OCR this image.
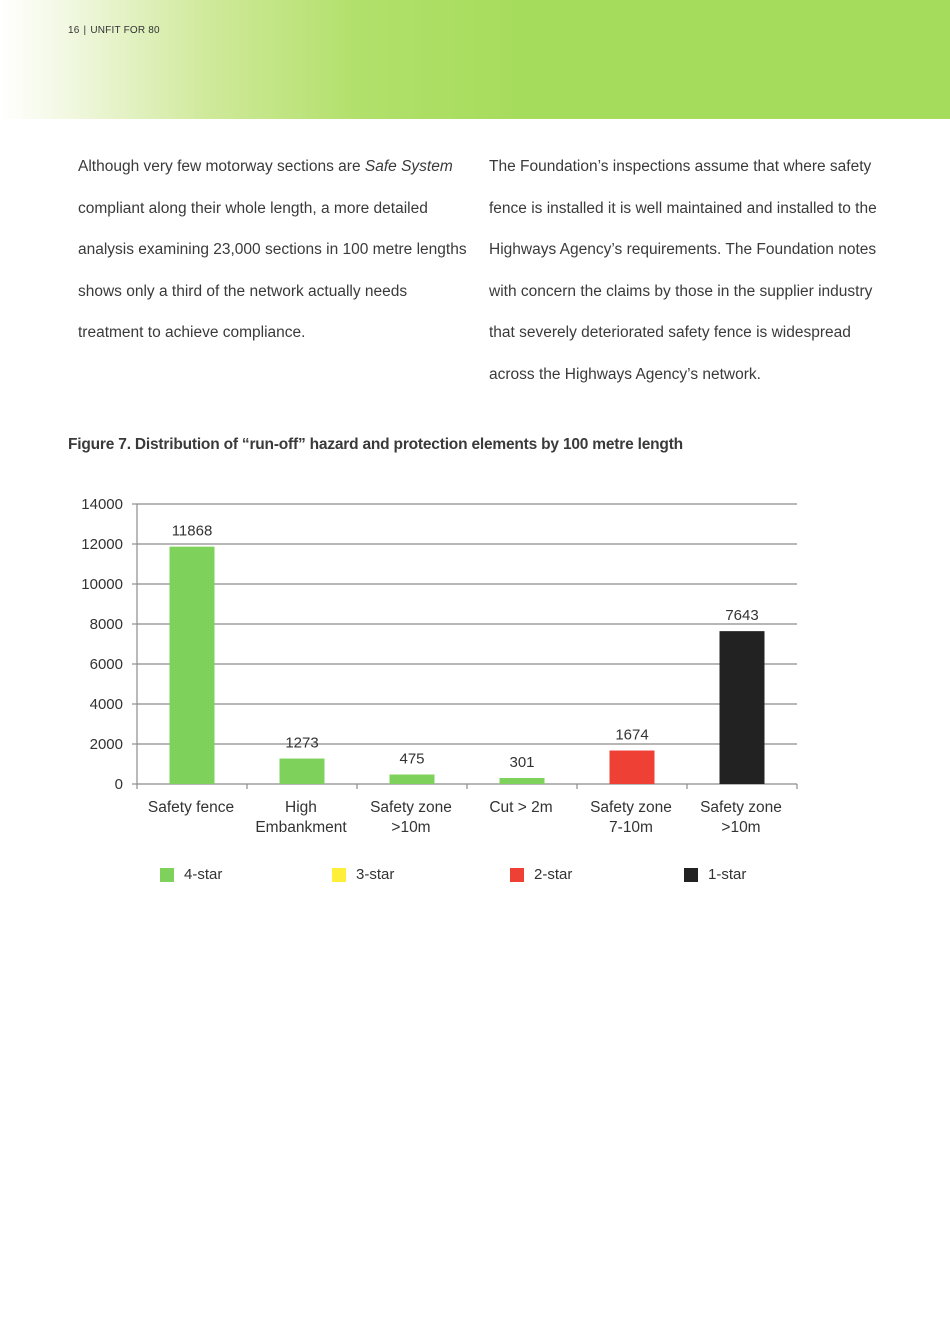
16 | UNFIT FOR 80

Although very few motorway sections are Safe System compliant along their whole length, a more detailed analysis examining 23,000 sections in 100 metre lengths shows only a third of the network actually needs treatment to achieve compliance.

The Foundation’s inspections assume that where safety fence is installed it is well maintained and installed to the Highways Agency’s requirements. The Foundation notes with concern the claims by those in the supplier industry that severely deteriorated safety fence is widespread across the Highways Agency’s network.

Figure 7. Distribution of “run-off” hazard and protection elements by 100 metre length
0
2000
4000
6000
8000
10000
12000
14000
11868
Safety fence
1273
High
Embankment
475
Safety zone
>10m
301
Cut > 2m
1674
Safety zone
7-10m
7643
Safety zone
>10m
4-star	3-star	2-star	1-star
